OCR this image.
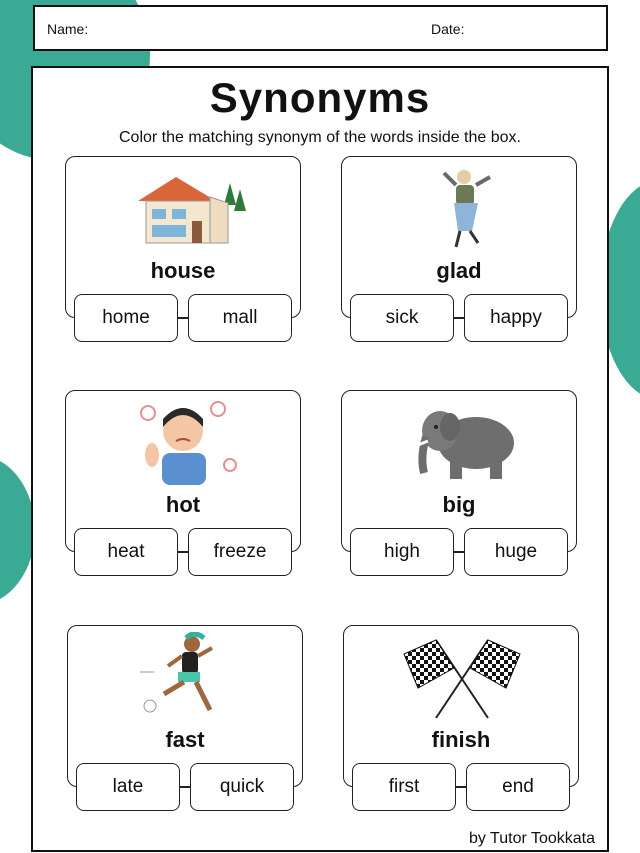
Name:	Date:
Synonyms
Color the matching synonym of the words inside the box.
house
home	mall
glad
sick	happy
hot
heat	freeze
big
high	huge
fast
late	quick
finish
first	end
by Tutor Tookkata
